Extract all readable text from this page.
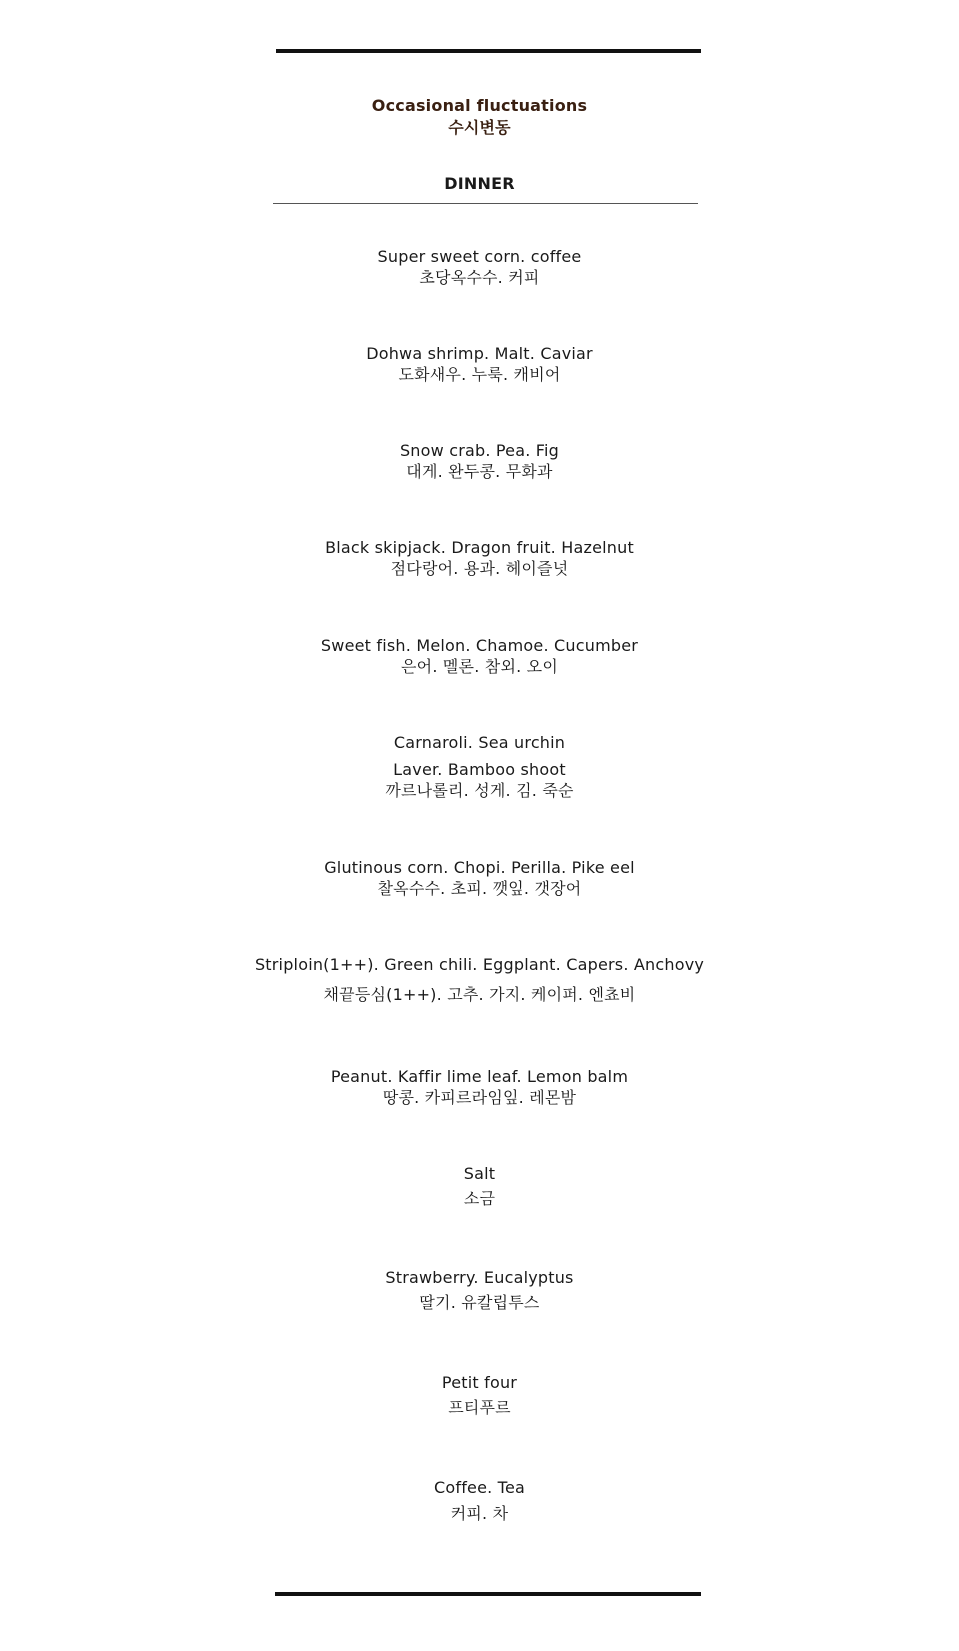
Occasional fluctuations
수시변동
DINNER
Super sweet corn. coffee
초당옥수수. 커피
Dohwa shrimp. Malt. Caviar
도화새우. 누룩. 캐비어
Snow crab. Pea. Fig
대게. 완두콩. 무화과
Black skipjack. Dragon fruit. Hazelnut
점다랑어. 용과. 헤이즐넛
Sweet fish. Melon. Chamoe. Cucumber
은어. 멜론. 참외. 오이
Carnaroli. Sea urchin
Laver. Bamboo shoot
까르나롤리. 성게. 김. 죽순
Glutinous corn. Chopi. Perilla. Pike eel
찰옥수수. 초피. 깻잎. 갯장어
Striploin(1++). Green chili. Eggplant. Capers. Anchovy
채끝등심(1++). 고추. 가지. 케이퍼. 엔쵸비
Peanut. Kaffir lime leaf. Lemon balm
땅콩. 카피르라임잎. 레몬밤
Salt
소금
Strawberry. Eucalyptus
딸기. 유칼립투스
Petit four
프티푸르
Coffee. Tea
커피. 차
